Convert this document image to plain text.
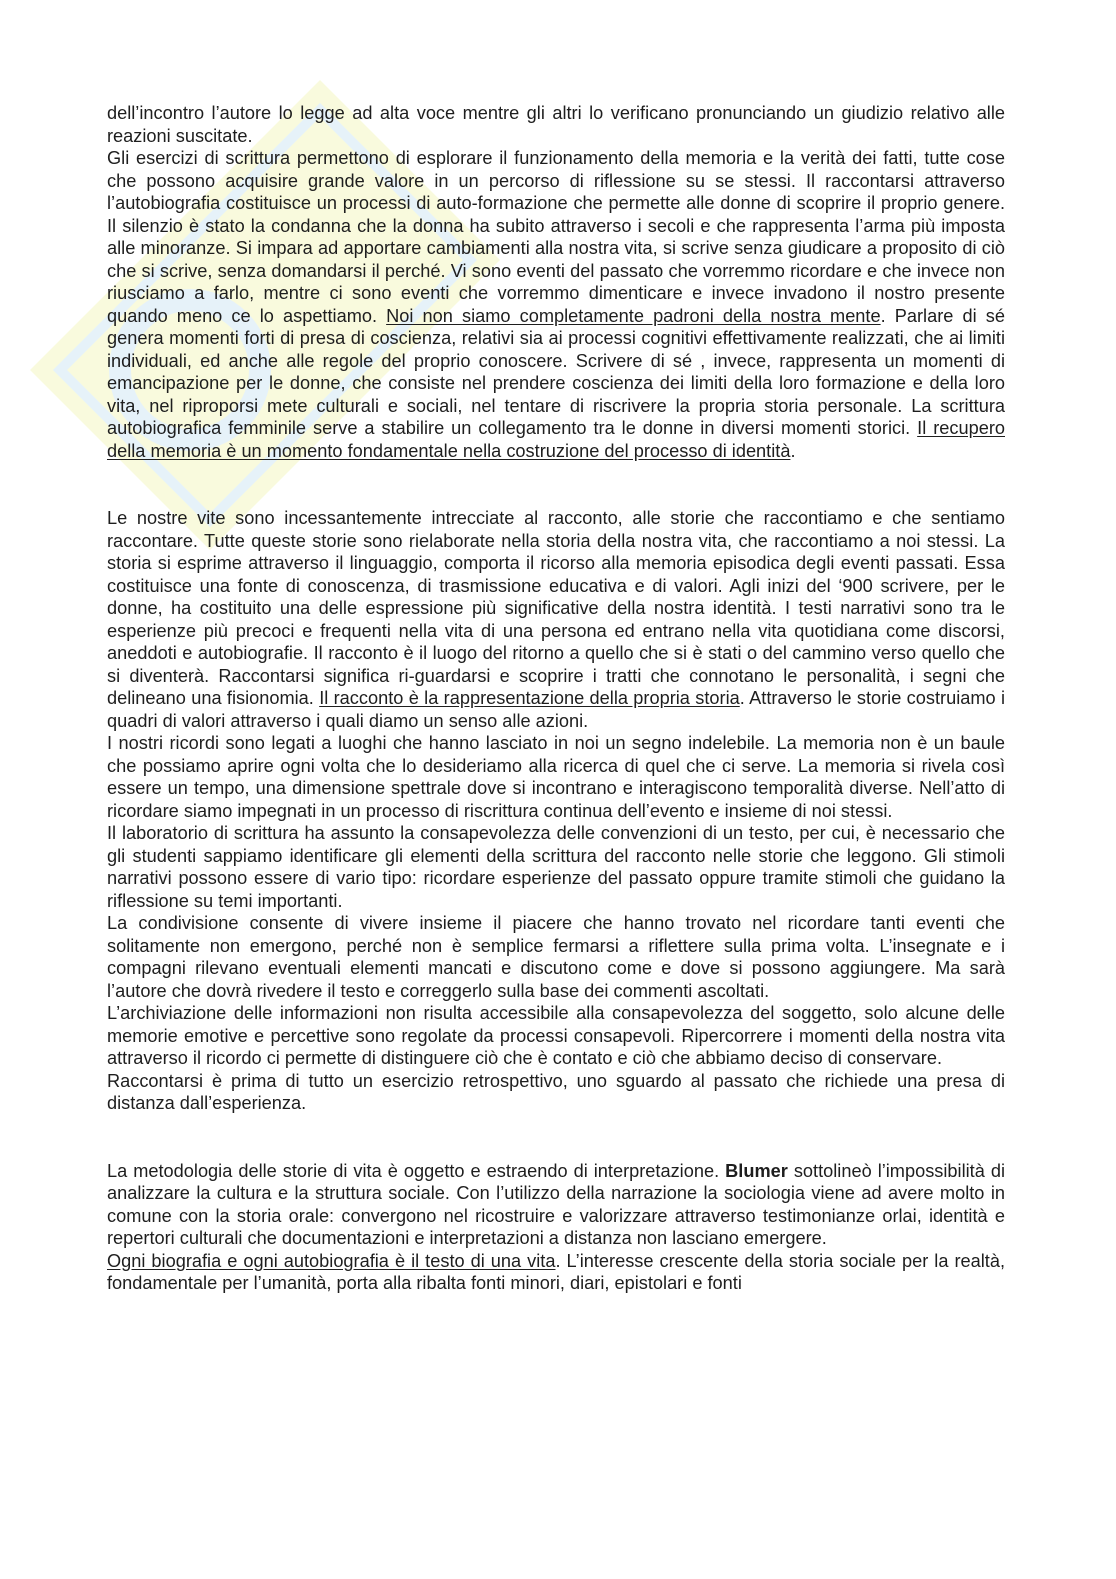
dell’incontro l’autore lo legge ad alta voce mentre gli altri lo verificano pronunciando un giudizio relativo alle reazioni suscitate.

Gli esercizi di scrittura permettono di esplorare il funzionamento della memoria e la verità dei fatti, tutte cose che possono acquisire grande valore in un percorso di riflessione su se stessi. Il raccontarsi attraverso l’autobiografia costituisce un processi di auto-formazione che permette alle donne di scoprire il proprio genere. Il silenzio è stato la condanna che la donna ha subito attraverso i secoli e che rappresenta l’arma più imposta alle minoranze. Si impara ad apportare cambiamenti alla nostra vita, si scrive senza giudicare a proposito di ciò che si scrive, senza domandarsi il perché. Vi sono eventi del passato che vorremmo ricordare e che invece non riusciamo a farlo, mentre ci sono eventi che vorremmo dimenticare e invece invadono il nostro presente quando meno ce lo aspettiamo. Noi non siamo completamente padroni della nostra mente. Parlare di sé genera momenti forti di presa di coscienza, relativi sia ai processi cognitivi effettivamente realizzati, che ai limiti individuali, ed anche alle regole del proprio conoscere. Scrivere di sé , invece, rappresenta un momenti di emancipazione per le donne, che consiste nel prendere coscienza dei limiti della loro formazione e della loro vita, nel riproporsi mete culturali e sociali, nel tentare di riscrivere la propria storia personale. La scrittura autobiografica femminile serve a stabilire un collegamento tra le donne in diversi momenti storici. Il recupero della memoria è un momento fondamentale nella costruzione del processo di identità.

Le nostre vite sono incessantemente intrecciate al racconto, alle storie che raccontiamo e che sentiamo raccontare. Tutte queste storie sono rielaborate nella storia della nostra vita, che raccontiamo a noi stessi. La storia si esprime attraverso il linguaggio, comporta il ricorso alla memoria episodica degli eventi passati. Essa costituisce una fonte di conoscenza, di trasmissione educativa e di valori. Agli inizi del ‘900 scrivere, per le donne, ha costituito una delle espressione più significative della nostra identità. I testi narrativi sono tra le esperienze più precoci e frequenti nella vita di una persona ed entrano nella vita quotidiana come discorsi, aneddoti e autobiografie. Il racconto è il luogo del ritorno a quello che si è stati o del cammino verso quello che si diventerà. Raccontarsi significa ri-guardarsi e scoprire i tratti che connotano le personalità, i segni che delineano una fisionomia. Il racconto è la rappresentazione della propria storia. Attraverso le storie costruiamo i quadri di valori attraverso i quali diamo un senso alle azioni.

I nostri ricordi sono legati a luoghi che hanno lasciato in noi un segno indelebile. La memoria non è un baule che possiamo aprire ogni volta che lo desideriamo alla ricerca di quel che ci serve. La memoria si rivela così essere un tempo, una dimensione spettrale dove si incontrano e interagiscono temporalità diverse. Nell’atto di ricordare siamo impegnati in un processo di riscrittura continua dell’evento e insieme di noi stessi.

Il laboratorio di scrittura ha assunto la consapevolezza delle convenzioni di un testo, per cui, è necessario che gli studenti sappiamo identificare gli elementi della scrittura del racconto nelle storie che leggono. Gli stimoli narrativi possono essere di vario tipo: ricordare esperienze del passato oppure tramite stimoli che guidano la riflessione su temi importanti.

La condivisione consente di vivere insieme il piacere che hanno trovato nel ricordare tanti eventi che solitamente non emergono, perché non è semplice fermarsi a riflettere sulla prima volta. L’insegnate e i compagni rilevano eventuali elementi mancati e discutono come e dove si possono aggiungere. Ma sarà l’autore che dovrà rivedere il testo e correggerlo sulla base dei commenti ascoltati.

L’archiviazione delle informazioni non risulta accessibile alla consapevolezza del soggetto, solo alcune delle memorie emotive e percettive sono regolate da processi consapevoli. Ripercorrere i momenti della nostra vita attraverso il ricordo ci permette di distinguere ciò che è contato e ciò che abbiamo deciso di conservare.

Raccontarsi è prima di tutto un esercizio retrospettivo, uno sguardo al passato che richiede una presa di distanza dall’esperienza.

La metodologia delle storie di vita è oggetto e estraendo di interpretazione. Blumer sottolineò l’impossibilità di analizzare la cultura e la struttura sociale. Con l’utilizzo della narrazione la sociologia viene ad avere molto in comune con la storia orale: convergono nel ricostruire e valorizzare attraverso testimonianze orlai, identità e repertori culturali che documentazioni e interpretazioni a distanza non lasciano emergere.

Ogni biografia e ogni autobiografia è il testo di una vita. L’interesse crescente della storia sociale per la realtà, fondamentale per l’umanità, porta alla ribalta fonti minori, diari, epistolari e fonti
